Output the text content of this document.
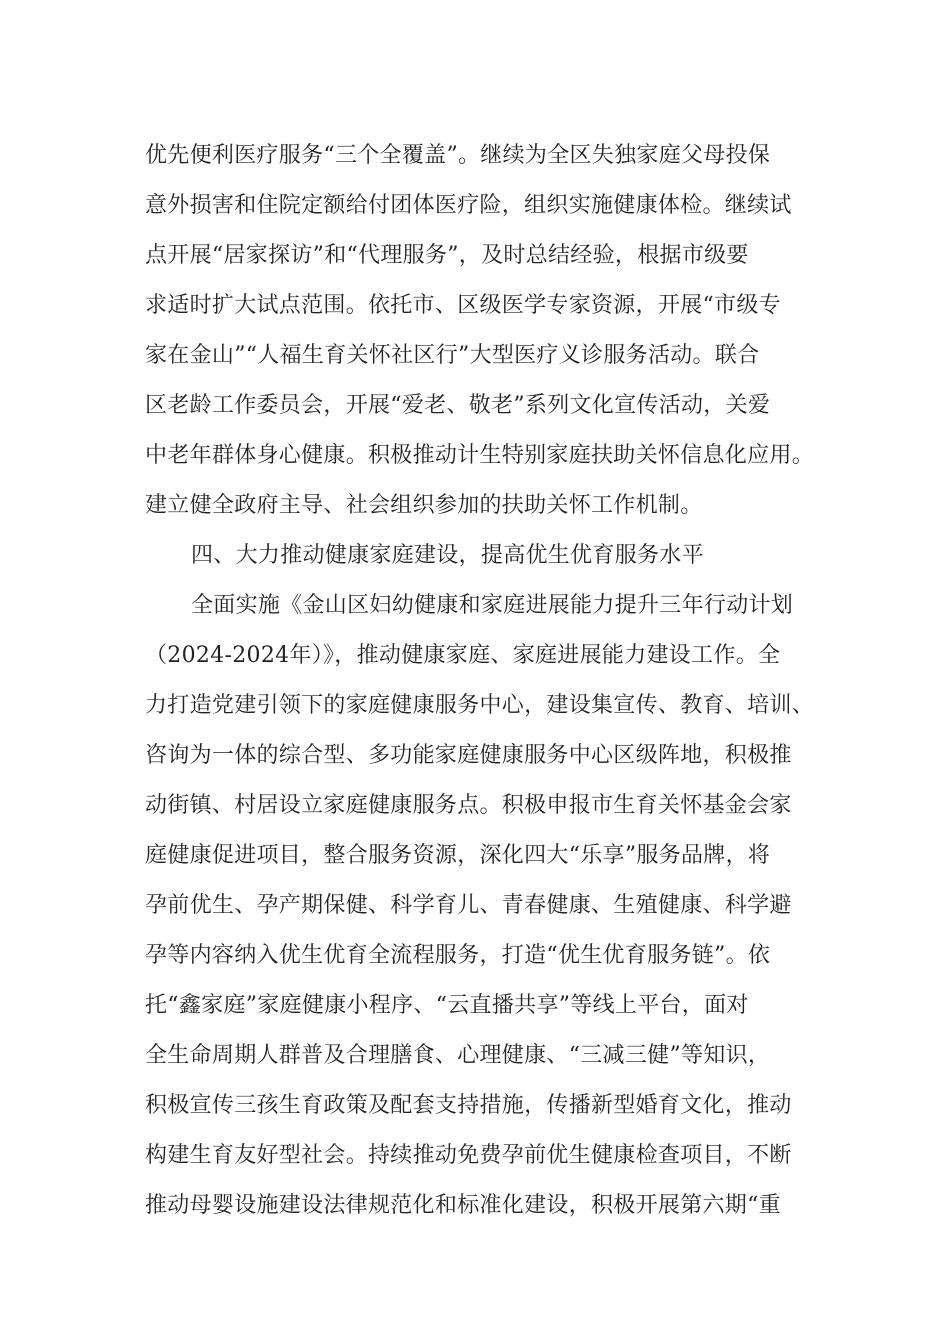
优先便利医疗服务“三个全覆盖”。继续为全区失独家庭父母投保
意外损害和住院定额给付团体医疗险，组织实施健康体检。继续试
点开展“居家探访”和“代理服务”，及时总结经验，根据市级要
求适时扩大试点范围。依托市、区级医学专家资源，开展“市级专
家在金山”“人福生育关怀社区行”大型医疗义诊服务活动。联合
区老龄工作委员会，开展“爱老、敬老”系列文化宣传活动，关爱
中老年群体身心健康。积极推动计生特别家庭扶助关怀信息化应用。
建立健全政府主导、社会组织参加的扶助关怀工作机制。
四、大力推动健康家庭建设，提高优生优育服务水平
全面实施《金山区妇幼健康和家庭进展能力提升三年行动计划
（2024-2024年）》，推动健康家庭、家庭进展能力建设工作。全
力打造党建引领下的家庭健康服务中心，建设集宣传、教育、培训、
咨询为一体的综合型、多功能家庭健康服务中心区级阵地，积极推
动街镇、村居设立家庭健康服务点。积极申报市生育关怀基金会家
庭健康促进项目，整合服务资源，深化四大“乐享”服务品牌，将
孕前优生、孕产期保健、科学育儿、青春健康、生殖健康、科学避
孕等内容纳入优生优育全流程服务，打造“优生优育服务链”。依
托“鑫家庭”家庭健康小程序、“云直播共享”等线上平台，面对
全生命周期人群普及合理膳食、心理健康、“三减三健”等知识，
积极宣传三孩生育政策及配套支持措施，传播新型婚育文化，推动
构建生育友好型社会。持续推动免费孕前优生健康检查项目，不断
推动母婴设施建设法律规范化和标准化建设，积极开展第六期“重
